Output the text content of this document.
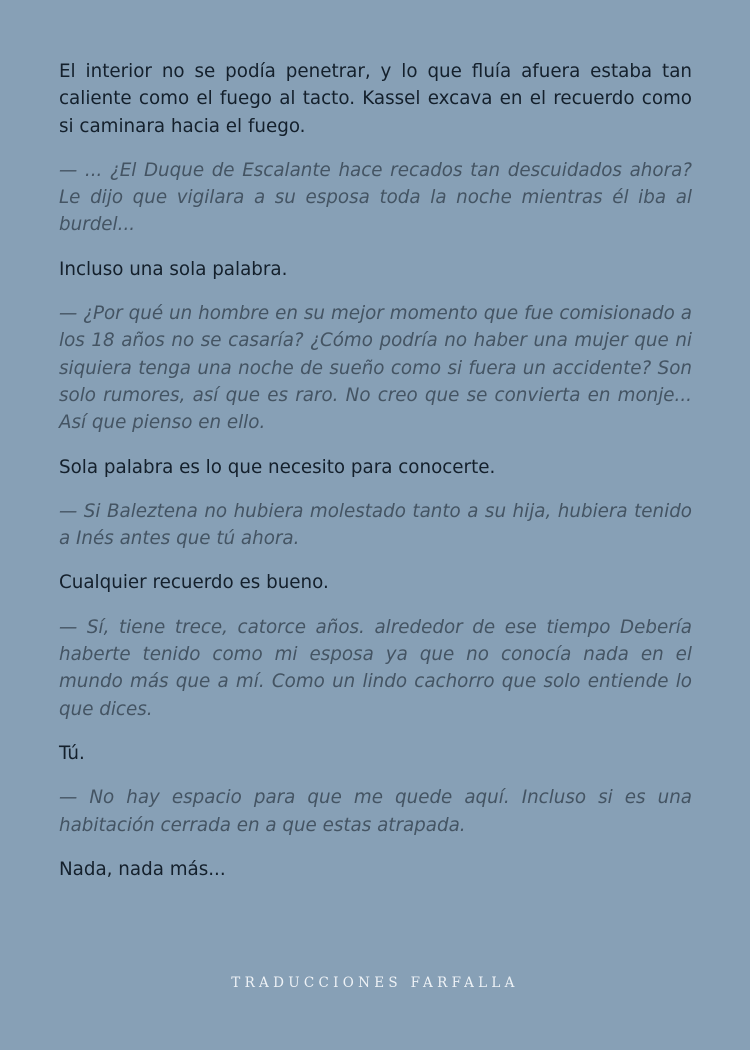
El interior no se podía penetrar, y lo que fluía afuera estaba tan caliente como el fuego al tacto. Kassel excava en el recuerdo como si caminara hacia el fuego.

— ... ¿El Duque de Escalante hace recados tan descuidados ahora? Le dijo que vigilara a su esposa toda la noche mientras él iba al burdel...

Incluso una sola palabra.

— ¿Por qué un hombre en su mejor momento que fue comisionado a los 18 años no se casaría? ¿Cómo podría no haber una mujer que ni siquiera tenga una noche de sueño como si fuera un accidente? Son solo rumores, así que es raro. No creo que se convierta en monje... Así que pienso en ello.

Sola palabra es lo que necesito para conocerte.

— Si Baleztena no hubiera molestado tanto a su hija, hubiera tenido a Inés antes que tú ahora.

Cualquier recuerdo es bueno.

— Sí, tiene trece, catorce años. alrededor de ese tiempo Debería haberte tenido como mi esposa ya que no conocía nada en el mundo más que a mí. Como un lindo cachorro que solo entiende lo que dices.

Tú.

— No hay espacio para que me quede aquí. Incluso si es una habitación cerrada en a que estas atrapada.

Nada, nada más...

TRADUCCIONES FARFALLA
